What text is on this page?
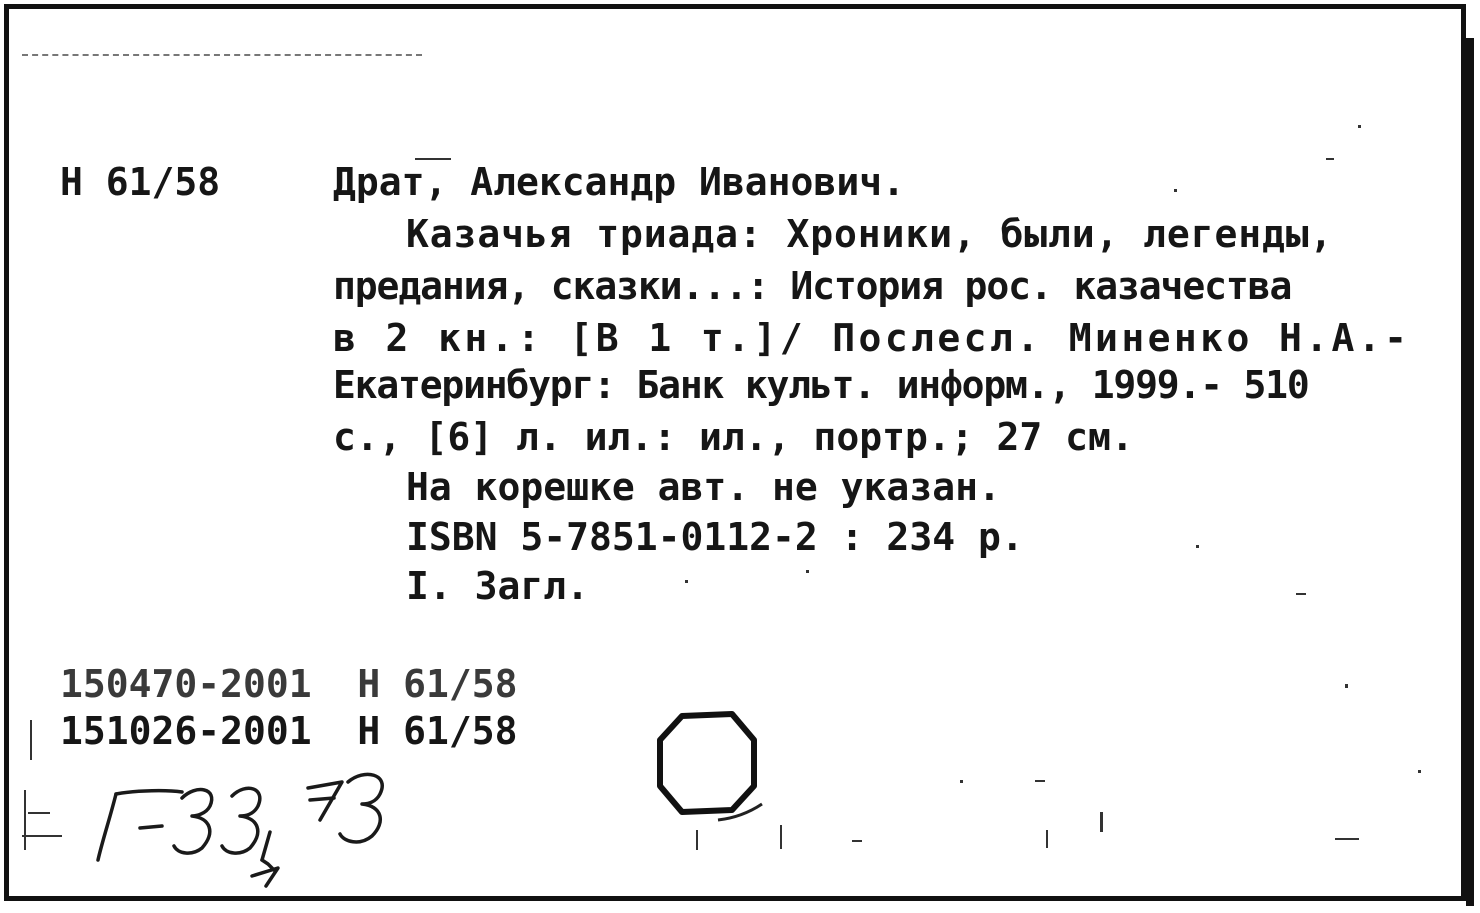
Н 61/58	Драт, Александр Иванович.

Казачья триада: Хроники, были, легенды,

предания, сказки...: История рос. казачества

в 2 кн.: [В 1 т.]/ Послесл. Миненко Н.А.-

Екатеринбург: Банк культ. информ., 1999.- 510

с., [6] л. ил.: ил., портр.; 27 см.

На корешке авт. не указан.

ISBN 5-7851-0112-2 : 234 р.

I. Загл.

150470-2001  Н 61/58

151026-2001  Н 61/58
